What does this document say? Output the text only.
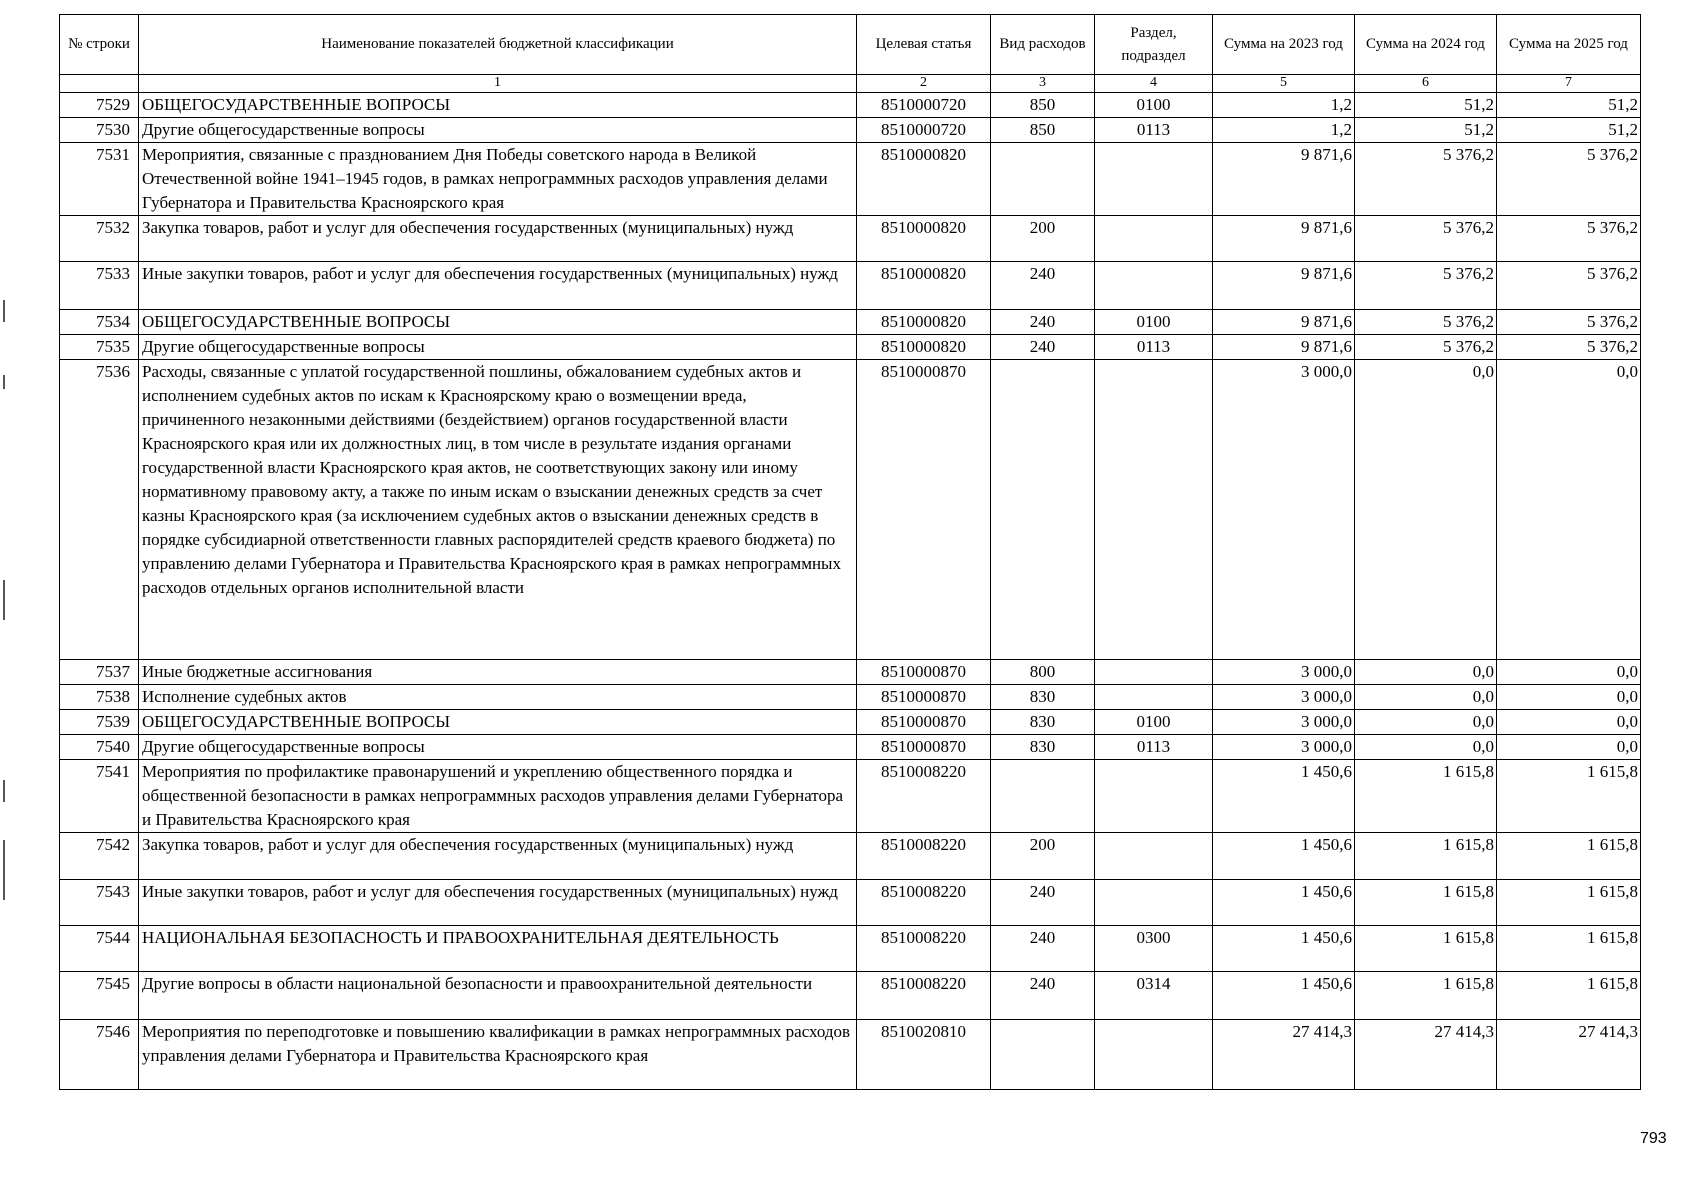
№ строки	Наименование показателей бюджетной классификации	Целевая статья	Вид расходов	Раздел, подраздел	Сумма на 2023 год	Сумма на 2024 год	Сумма на 2025 год
	1	2	3	4	5	6	7
7529	ОБЩЕГОСУДАРСТВЕННЫЕ ВОПРОСЫ	8510000720	850	0100	1,2	51,2	51,2
7530	Другие общегосударственные вопросы	8510000720	850	0113	1,2	51,2	51,2
7531	Мероприятия, связанные с празднованием Дня Победы советского народа в Великой Отечественной войне 1941–1945 годов, в рамках непрограммных расходов управления делами Губернатора и Правительства Красноярского края	8510000820			9 871,6	5 376,2	5 376,2
7532	Закупка товаров, работ и услуг для обеспечения государственных (муниципальных) нужд	8510000820	200		9 871,6	5 376,2	5 376,2
7533	Иные закупки товаров, работ и услуг для обеспечения государственных (муниципальных) нужд	8510000820	240		9 871,6	5 376,2	5 376,2
7534	ОБЩЕГОСУДАРСТВЕННЫЕ ВОПРОСЫ	8510000820	240	0100	9 871,6	5 376,2	5 376,2
7535	Другие общегосударственные вопросы	8510000820	240	0113	9 871,6	5 376,2	5 376,2
7536	Расходы, связанные с уплатой государственной пошлины, обжалованием судебных актов и исполнением судебных актов по искам к Красноярскому краю о возмещении вреда, причиненного незаконными действиями (бездействием) органов государственной власти Красноярского края или их должностных лиц, в том числе в результате издания органами государственной власти Красноярского края актов, не соответствующих закону или иному нормативному правовому акту, а также по иным искам о взыскании денежных средств за счет казны Красноярского края (за исключением судебных актов о взыскании денежных средств в порядке субсидиарной ответственности главных распорядителей средств краевого бюджета) по управлению делами Губернатора и Правительства Красноярского края в рамках непрограммных расходов отдельных органов исполнительной власти	8510000870			3 000,0	0,0	0,0
7537	Иные бюджетные ассигнования	8510000870	800		3 000,0	0,0	0,0
7538	Исполнение судебных актов	8510000870	830		3 000,0	0,0	0,0
7539	ОБЩЕГОСУДАРСТВЕННЫЕ ВОПРОСЫ	8510000870	830	0100	3 000,0	0,0	0,0
7540	Другие общегосударственные вопросы	8510000870	830	0113	3 000,0	0,0	0,0
7541	Мероприятия по профилактике правонарушений и укреплению общественного порядка и общественной безопасности в рамках непрограммных расходов управления делами Губернатора и Правительства Красноярского края	8510008220			1 450,6	1 615,8	1 615,8
7542	Закупка товаров, работ и услуг для обеспечения государственных (муниципальных) нужд	8510008220	200		1 450,6	1 615,8	1 615,8
7543	Иные закупки товаров, работ и услуг для обеспечения государственных (муниципальных) нужд	8510008220	240		1 450,6	1 615,8	1 615,8
7544	НАЦИОНАЛЬНАЯ БЕЗОПАСНОСТЬ И ПРАВООХРАНИТЕЛЬНАЯ ДЕЯТЕЛЬНОСТЬ	8510008220	240	0300	1 450,6	1 615,8	1 615,8
7545	Другие вопросы в области национальной безопасности и правоохранительной деятельности	8510008220	240	0314	1 450,6	1 615,8	1 615,8
7546	Мероприятия по переподготовке и повышению квалификации в рамках непрограммных расходов управления делами Губернатора и Правительства Красноярского края	8510020810			27 414,3	27 414,3	27 414,3
793
